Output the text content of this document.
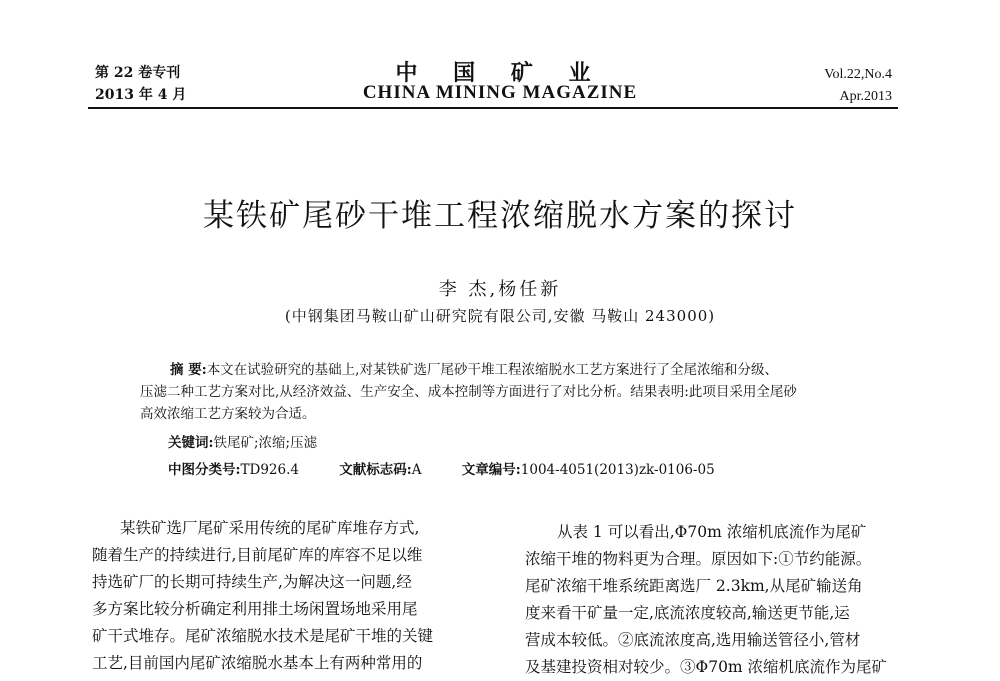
第 22 卷专刊
2013 年 4 月
中 国 矿 业
CHINA MINING MAGAZINE
Vol.22,No.4
Apr.2013
某铁矿尾砂干堆工程浓缩脱水方案的探讨
李 杰,杨任新
(中钢集团马鞍山矿山研究院有限公司,安徽 马鞍山 243000)
摘 要:本文在试验研究的基础上,对某铁矿选厂尾砂干堆工程浓缩脱水工艺方案进行了全尾浓缩和分级、
压滤二种工艺方案对比,从经济效益、生产安全、成本控制等方面进行了对比分析。结果表明:此项目采用全尾砂
高效浓缩工艺方案较为合适。
关键词:铁尾矿;浓缩;压滤
中图分类号:TD926.4	文献标志码:A	文章编号:1004-4051(2013)zk-0106-05
某铁矿选厂尾矿采用传统的尾矿库堆存方式,
随着生产的持续进行,目前尾矿库的库容不足以维
持选矿厂的长期可持续生产,为解决这一问题,经
多方案比较分析确定利用排土场闲置场地采用尾
矿干式堆存。尾矿浓缩脱水技术是尾矿干堆的关键
工艺,目前国内尾矿浓缩脱水基本上有两种常用的
从表 1 可以看出,Φ70m 浓缩机底流作为尾矿
浓缩干堆的物料更为合理。原因如下:①节约能源。
尾矿浓缩干堆系统距离选厂 2.3km,从尾矿输送角
度来看干矿量一定,底流浓度较高,输送更节能,运
营成本较低。②底流浓度高,选用输送管径小,管材
及基建投资相对较少。③Φ70m 浓缩机底流作为尾矿
